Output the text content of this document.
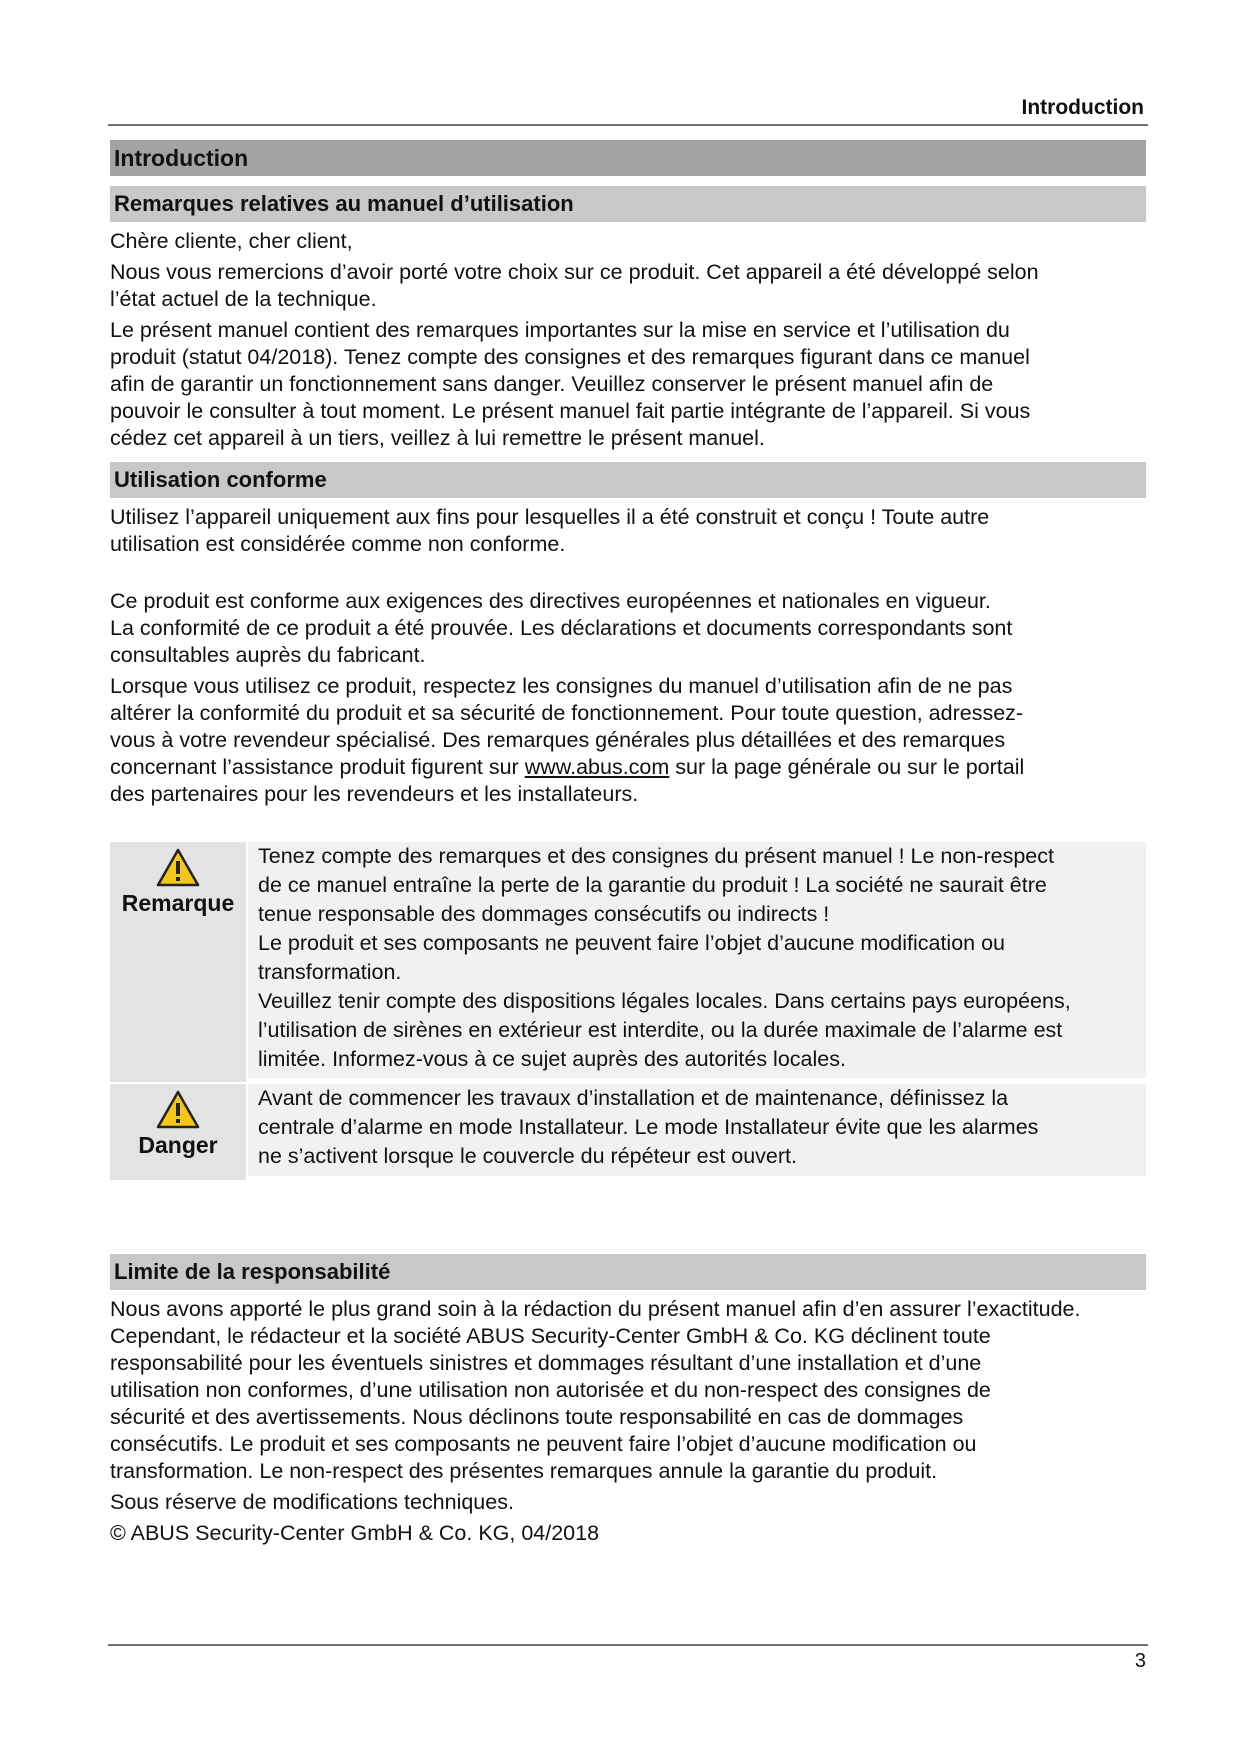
Introduction
Introduction
Remarques relatives au manuel d’utilisation

Chère cliente, cher client,

Nous vous remercions d’avoir porté votre choix sur ce produit. Cet appareil a été développé selon

l’état actuel de la technique.

Le présent manuel contient des remarques importantes sur la mise en service et l’utilisation du

produit (statut 04/2018). Tenez compte des consignes et des remarques figurant dans ce manuel

afin de garantir un fonctionnement sans danger. Veuillez conserver le présent manuel afin de

pouvoir le consulter à tout moment. Le présent manuel fait partie intégrante de l’appareil. Si vous

cédez cet appareil à un tiers, veillez à lui remettre le présent manuel.

Utilisation conforme

Utilisez l’appareil uniquement aux fins pour lesquelles il a été construit et conçu ! Toute autre

utilisation est considérée comme non conforme.

Ce produit est conforme aux exigences des directives européennes et nationales en vigueur.

La conformité de ce produit a été prouvée. Les déclarations et documents correspondants sont

consultables auprès du fabricant.

Lorsque vous utilisez ce produit, respectez les consignes du manuel d’utilisation afin de ne pas

altérer la conformité du produit et sa sécurité de fonctionnement. Pour toute question, adressez-

vous à votre revendeur spécialisé. Des remarques générales plus détaillées et des remarques

concernant l’assistance produit figurent sur www.abus.com sur la page générale ou sur le portail

des partenaires pour les revendeurs et les installateurs.

Remarque

Tenez compte des remarques et des consignes du présent manuel ! Le non-respect

de ce manuel entraîne la perte de la garantie du produit ! La société ne saurait être

tenue responsable des dommages consécutifs ou indirects !

Le produit et ses composants ne peuvent faire l’objet d’aucune modification ou

transformation.

Veuillez tenir compte des dispositions légales locales. Dans certains pays européens,

l’utilisation de sirènes en extérieur est interdite, ou la durée maximale de l’alarme est

limitée. Informez-vous à ce sujet auprès des autorités locales.

Danger

Avant de commencer les travaux d’installation et de maintenance, définissez la

centrale d’alarme en mode Installateur. Le mode Installateur évite que les alarmes

ne s’activent lorsque le couvercle du répéteur est ouvert.

Limite de la responsabilité

Nous avons apporté le plus grand soin à la rédaction du présent manuel afin d’en assurer l’exactitude.

Cependant, le rédacteur et la société ABUS Security-Center GmbH & Co. KG déclinent toute

responsabilité pour les éventuels sinistres et dommages résultant d’une installation et d’une

utilisation non conformes, d’une utilisation non autorisée et du non-respect des consignes de

sécurité et des avertissements. Nous déclinons toute responsabilité en cas de dommages

consécutifs. Le produit et ses composants ne peuvent faire l’objet d’aucune modification ou

transformation. Le non-respect des présentes remarques annule la garantie du produit.

Sous réserve de modifications techniques.

© ABUS Security-Center GmbH & Co. KG, 04/2018

3
